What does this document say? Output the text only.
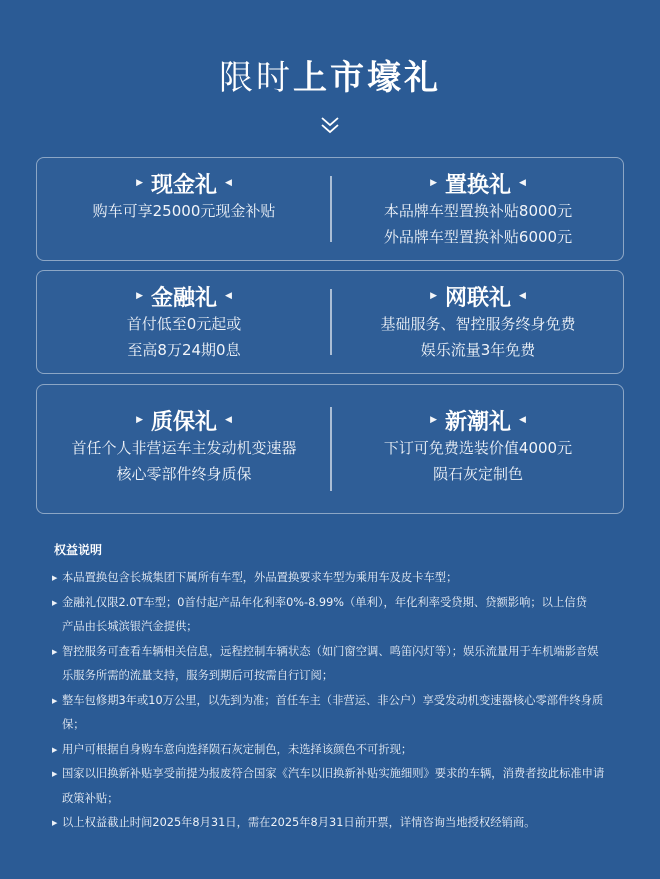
限时上市壕礼
▶ 现金礼 ◀
购车可享25000元现金补贴
▶ 置换礼 ◀
本品牌车型置换补贴8000元
外品牌车型置换补贴6000元
▶ 金融礼 ◀
首付低至0元起或
至高8万24期0息
▶ 网联礼 ◀
基础服务、智控服务终身免费
娱乐流量3年免费
▶ 质保礼 ◀
首任个人非营运车主发动机变速器
核心零部件终身质保
▶ 新潮礼 ◀
下订可免费选装价值4000元
陨石灰定制色
权益说明
▶ 本品置换包含长城集团下属所有车型，外品置换要求车型为乘用车及皮卡车型；
▶ 金融礼仅限2.0T车型；0首付起产品年化利率0%-8.99%（单利），年化利率受贷期、贷额影响；以上信贷
产品由长城滨银汽金提供；
▶ 智控服务可查看车辆相关信息，远程控制车辆状态（如门窗空调、鸣笛闪灯等）；娱乐流量用于车机端影音娱
乐服务所需的流量支持，服务到期后可按需自行订阅；
▶ 整车包修期3年或10万公里，以先到为准；首任车主（非营运、非公户）享受发动机变速器核心零部件终身质
保；
▶ 用户可根据自身购车意向选择陨石灰定制色，未选择该颜色不可折现；
▶ 国家以旧换新补贴享受前提为报废符合国家《汽车以旧换新补贴实施细则》要求的车辆，消费者按此标准申请
政策补贴；
▶ 以上权益截止时间2025年8月31日，需在2025年8月31日前开票，详情咨询当地授权经销商。
